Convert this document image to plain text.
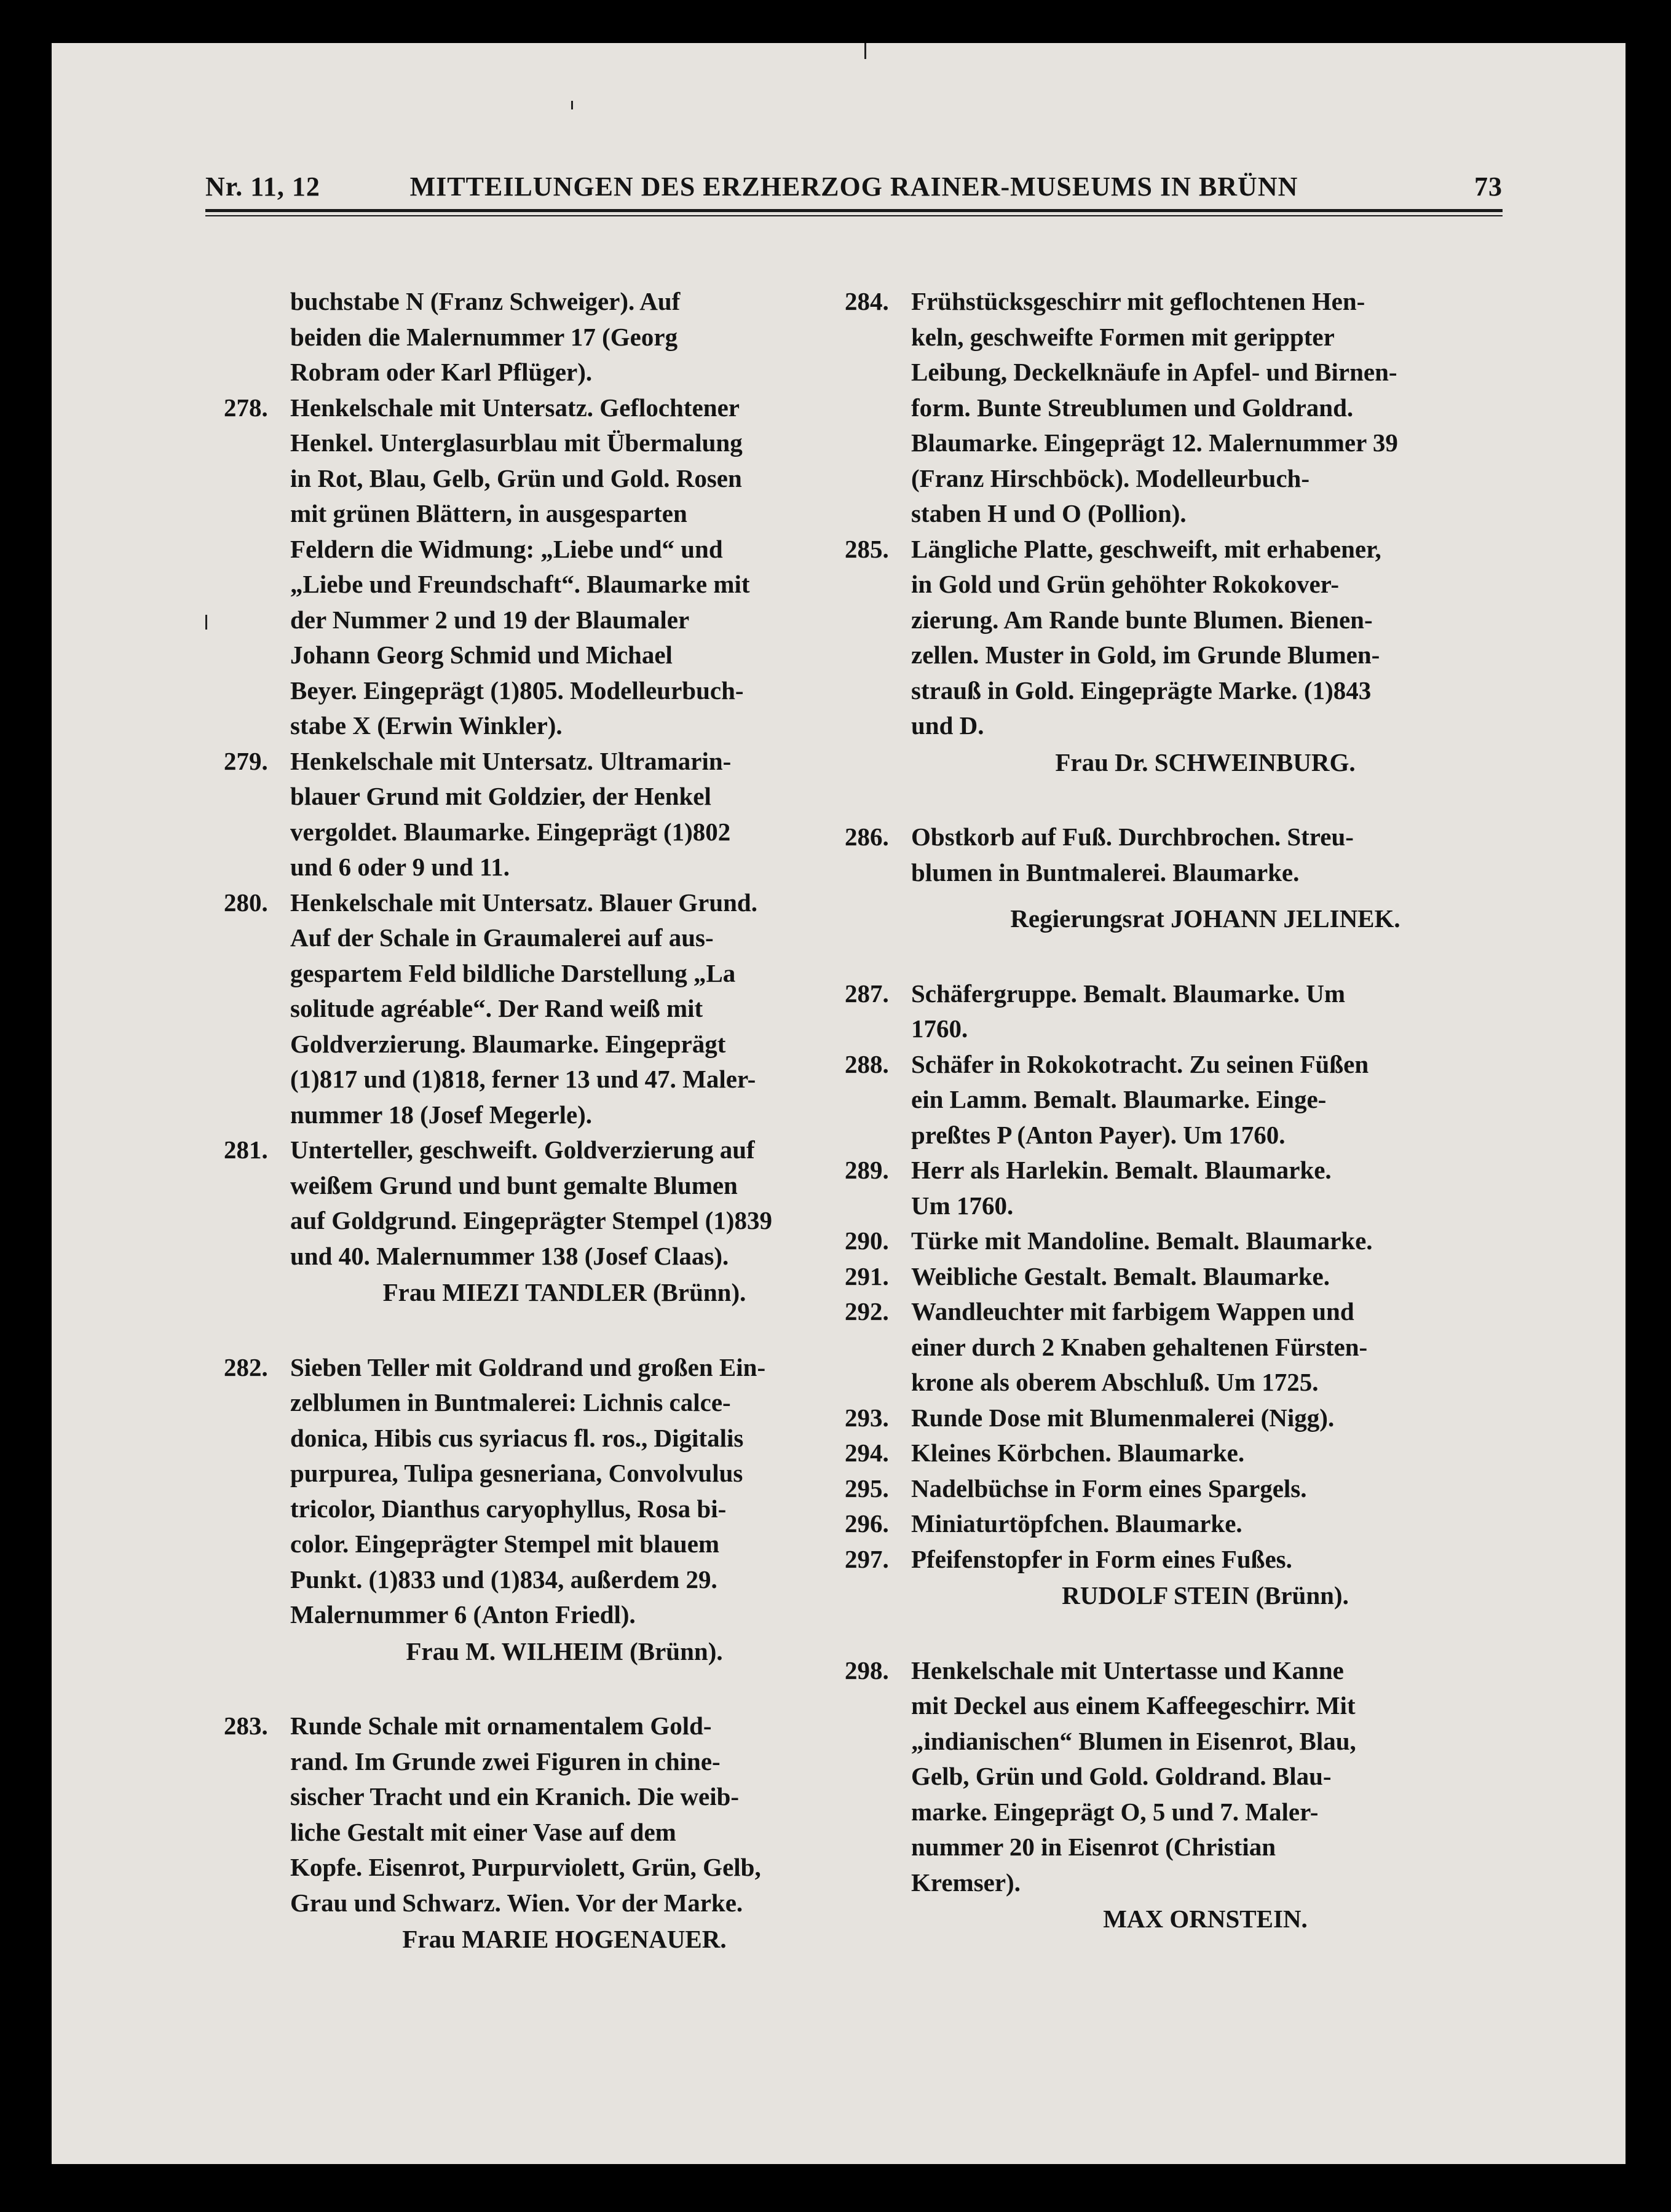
Nr. 11, 12	MITTEILUNGEN DES ERZHERZOG RAINER-MUSEUMS IN BRÜNN	73
buchstabe N (Franz Schweiger). Auf
beiden die Malernummer 17 (Georg
Robram oder Karl Pflüger).
278. Henkelschale mit Untersatz. Geflochtener
Henkel. Unterglasurblau mit Übermalung
in Rot, Blau, Gelb, Grün und Gold. Rosen
mit grünen Blättern, in ausgesparten
Feldern die Widmung: „Liebe und“ und
„Liebe und Freundschaft“. Blaumarke mit
der Nummer 2 und 19 der Blaumaler
Johann Georg Schmid und Michael
Beyer. Eingeprägt (1)805. Modelleurbuch-
stabe X (Erwin Winkler).
279. Henkelschale mit Untersatz. Ultramarin-
blauer Grund mit Goldzier, der Henkel
vergoldet. Blaumarke. Eingeprägt (1)802
und 6 oder 9 und 11.
280. Henkelschale mit Untersatz. Blauer Grund.
Auf der Schale in Graumalerei auf aus-
gespartem Feld bildliche Darstellung „La
solitude agréable“. Der Rand weiß mit
Goldverzierung. Blaumarke. Eingeprägt
(1)817 und (1)818, ferner 13 und 47. Maler-
nummer 18 (Josef Megerle).
281. Unterteller, geschweift. Goldverzierung auf
weißem Grund und bunt gemalte Blumen
auf Goldgrund. Eingeprägter Stempel (1)839
und 40. Malernummer 138 (Josef Claas).
Frau MIEZI TANDLER (Brünn).
282. Sieben Teller mit Goldrand und großen Ein-
zelblumen in Buntmalerei: Lichnis calce-
donica, Hibis cus syriacus fl. ros., Digitalis
purpurea, Tulipa gesneriana, Convolvulus
tricolor, Dianthus caryophyllus, Rosa bi-
color. Eingeprägter Stempel mit blauem
Punkt. (1)833 und (1)834, außerdem 29.
Malernummer 6 (Anton Friedl).
Frau M. WILHEIM (Brünn).
283. Runde Schale mit ornamentalem Gold-
rand. Im Grunde zwei Figuren in chine-
sischer Tracht und ein Kranich. Die weib-
liche Gestalt mit einer Vase auf dem
Kopfe. Eisenrot, Purpurviolett, Grün, Gelb,
Grau und Schwarz. Wien. Vor der Marke.
Frau MARIE HOGENAUER.
284. Frühstücksgeschirr mit geflochtenen Hen-
keln, geschweifte Formen mit gerippter
Leibung, Deckelknäufe in Apfel- und Birnen-
form. Bunte Streublumen und Goldrand.
Blaumarke. Eingeprägt 12. Malernummer 39
(Franz Hirschböck). Modelleurbuch-
staben H und O (Pollion).
285. Längliche Platte, geschweift, mit erhabener,
in Gold und Grün gehöhter Rokokover-
zierung. Am Rande bunte Blumen. Bienen-
zellen. Muster in Gold, im Grunde Blumen-
strauß in Gold. Eingeprägte Marke. (1)843
und D.
Frau Dr. SCHWEINBURG.
286. Obstkorb auf Fuß. Durchbrochen. Streu-
blumen in Buntmalerei. Blaumarke.
Regierungsrat JOHANN JELINEK.
287. Schäfergruppe. Bemalt. Blaumarke. Um
1760.
288. Schäfer in Rokokotracht. Zu seinen Füßen
ein Lamm. Bemalt. Blaumarke. Einge-
preßtes P (Anton Payer). Um 1760.
289. Herr als Harlekin. Bemalt. Blaumarke.
Um 1760.
290. Türke mit Mandoline. Bemalt. Blaumarke.
291. Weibliche Gestalt. Bemalt. Blaumarke.
292. Wandleuchter mit farbigem Wappen und
einer durch 2 Knaben gehaltenen Fürsten-
krone als oberem Abschluß. Um 1725.
293. Runde Dose mit Blumenmalerei (Nigg).
294. Kleines Körbchen. Blaumarke.
295. Nadelbüchse in Form eines Spargels.
296. Miniaturtöpfchen. Blaumarke.
297. Pfeifenstopfer in Form eines Fußes.
RUDOLF STEIN (Brünn).
298. Henkelschale mit Untertasse und Kanne
mit Deckel aus einem Kaffeegeschirr. Mit
„indianischen“ Blumen in Eisenrot, Blau,
Gelb, Grün und Gold. Goldrand. Blau-
marke. Eingeprägt O, 5 und 7. Maler-
nummer 20 in Eisenrot (Christian
Kremser).
MAX ORNSTEIN.
